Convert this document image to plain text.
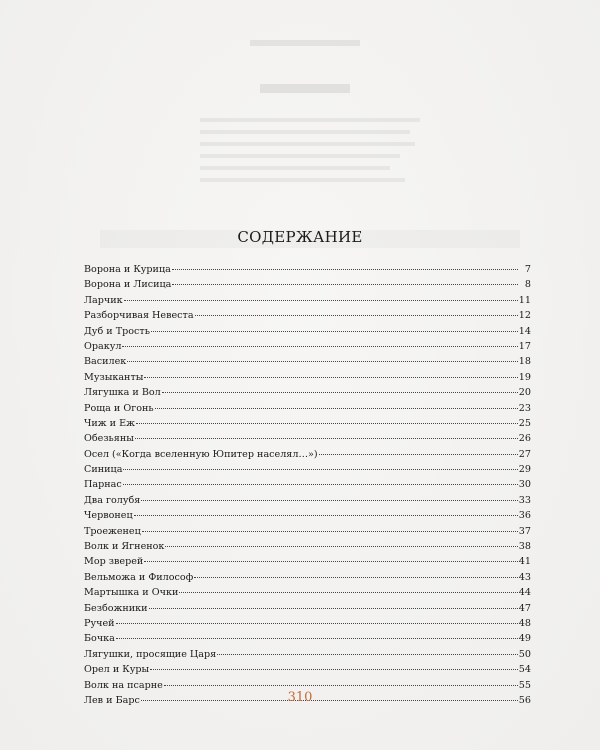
СОДЕРЖАНИЕ
Ворона и Курица	7
Ворона и Лисица	8
Ларчик	11
Разборчивая Невеста	12
Дуб и Трость	14
Оракул	17
Василек	18
Музыканты	19
Лягушка и Вол	20
Роща и Огонь	23
Чиж и Еж	25
Обезьяны	26
Осел («Когда вселенную Юпитер населял…»)	27
Синица	29
Парнас	30
Два голубя	33
Червонец	36
Троеженец	37
Волк и Ягненок	38
Мор зверей	41
Вельможа и Философ	43
Мартышка и Очки	44
Безбожники	47
Ручей	48
Бочка	49
Лягушки, просящие Царя	50
Орел и Куры	54
Волк на псарне	55
Лев и Барс	56
310
